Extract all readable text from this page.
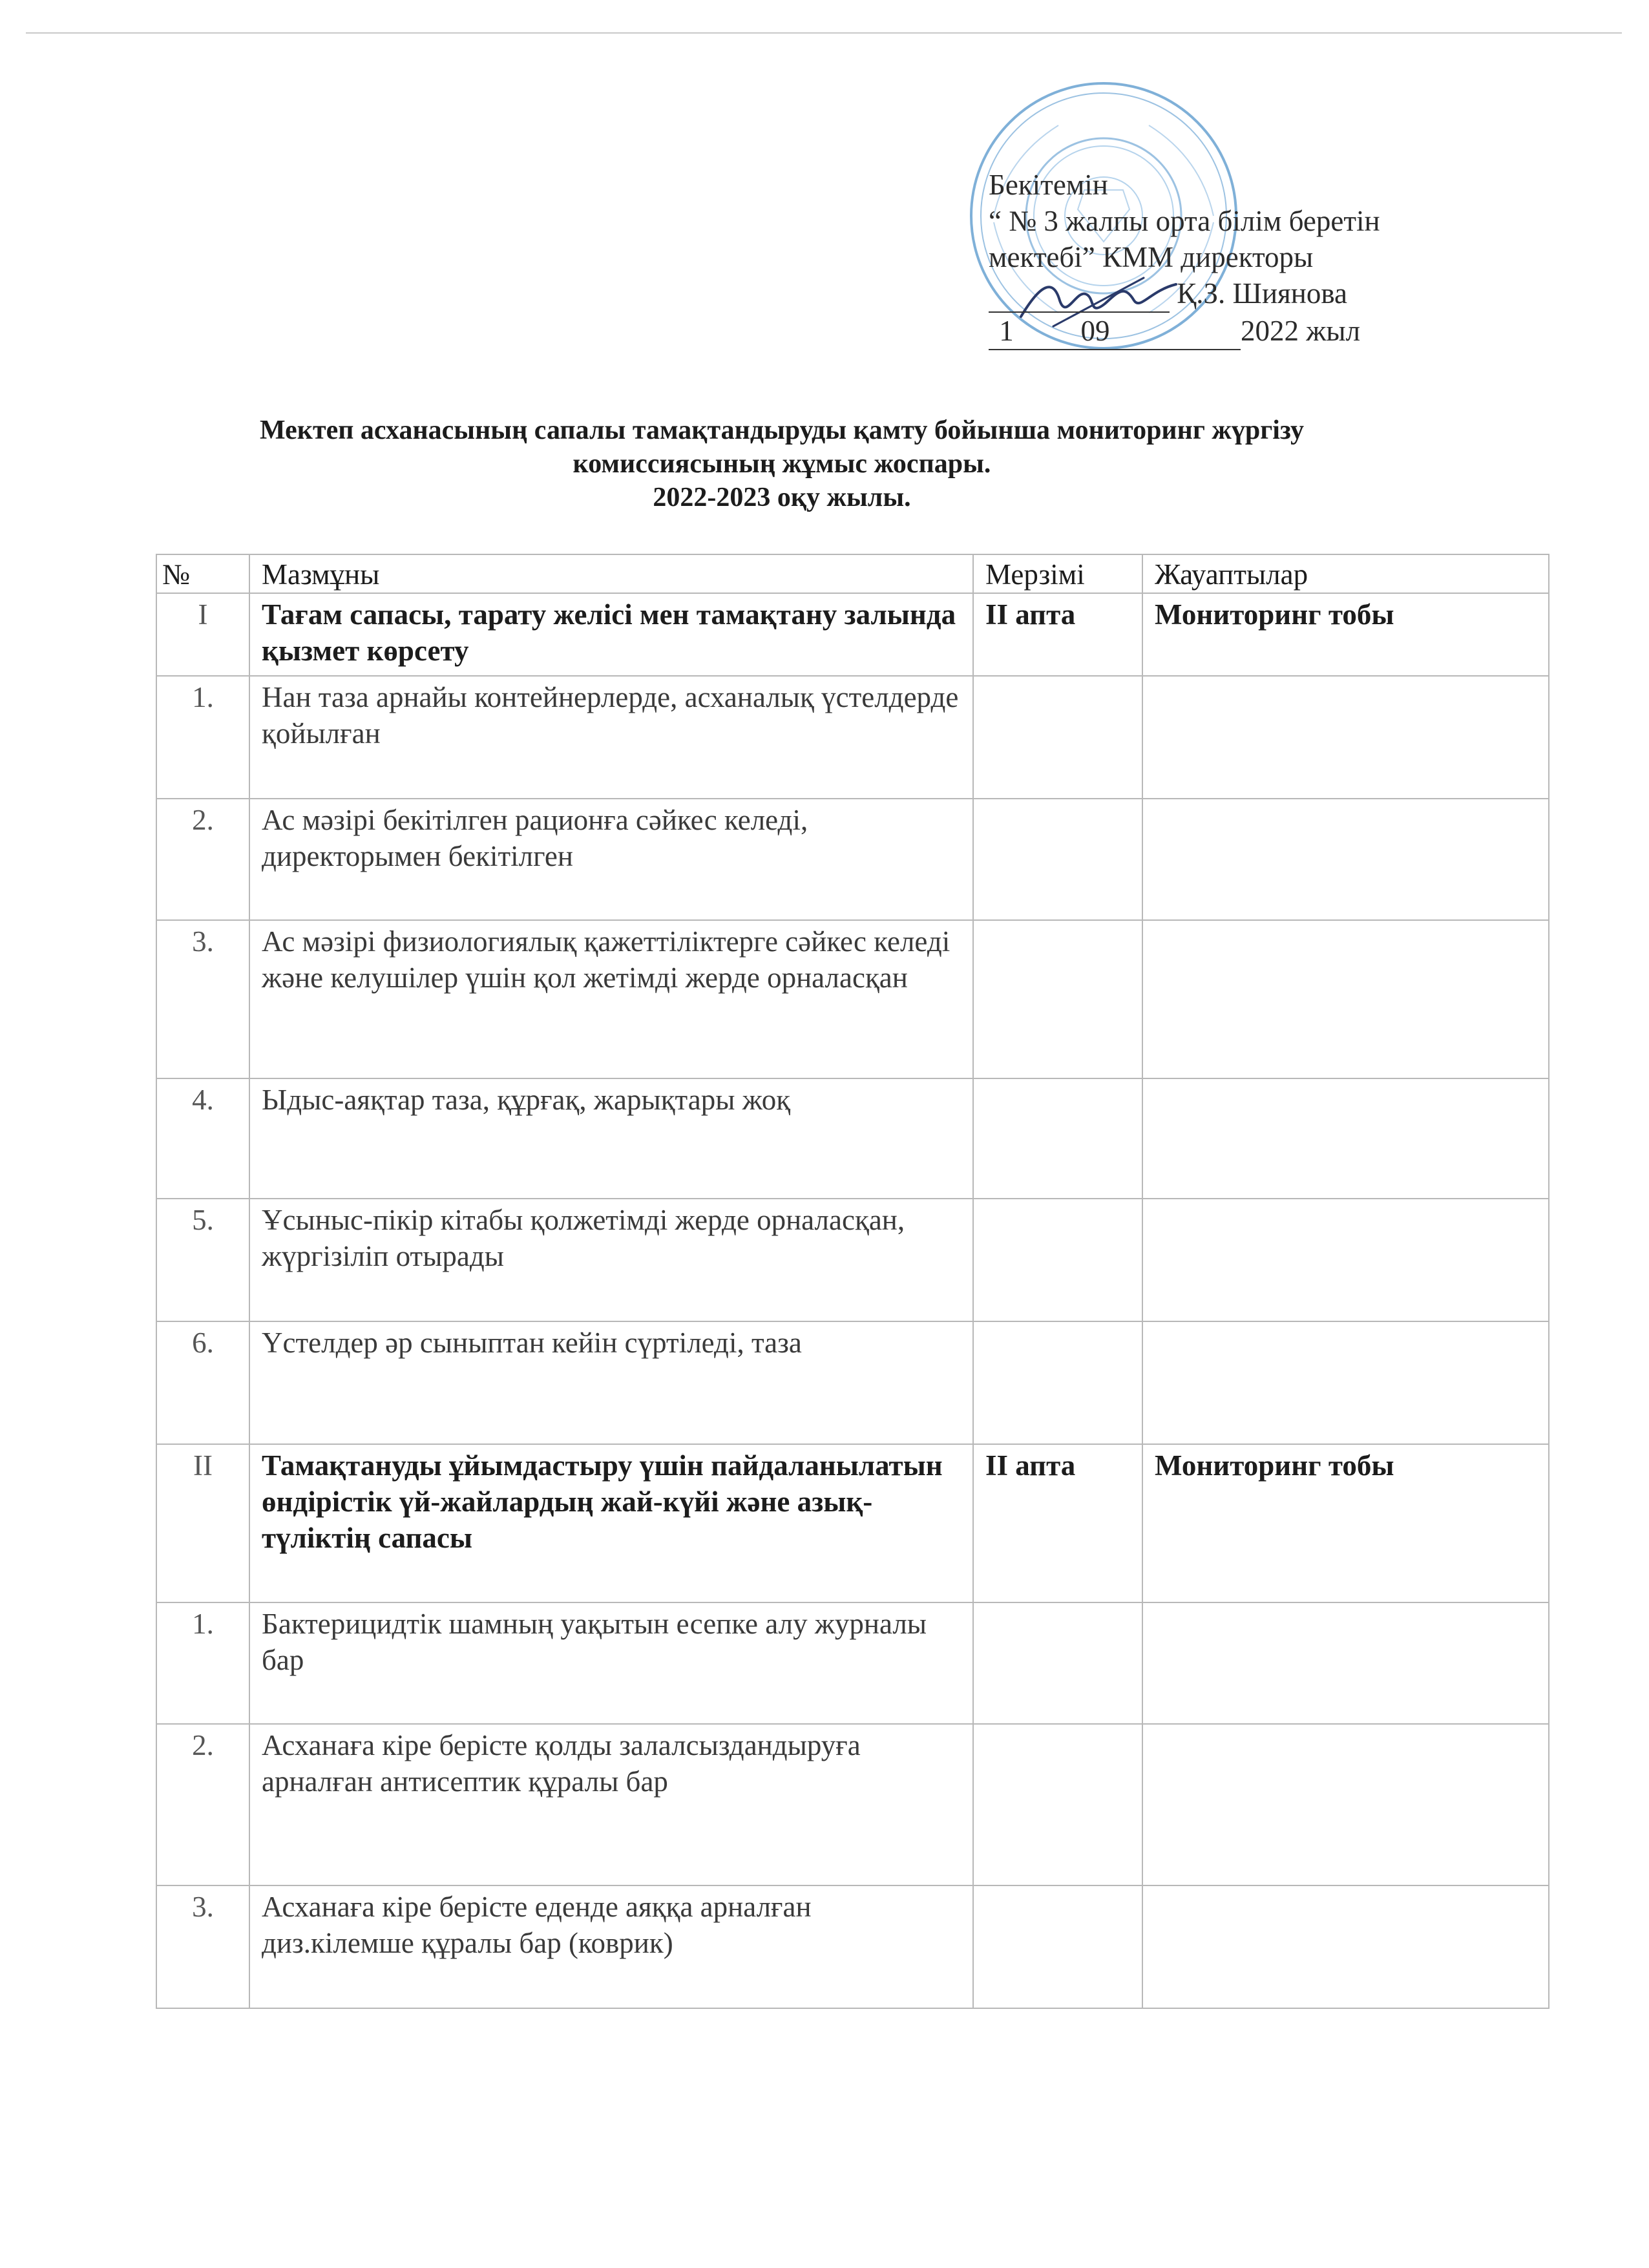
Бекітемін
“ № 3 жалпы орта білім беретін
мектебі” КММ директоры
Қ.З. Шиянова
1 09	2022 жыл
Мектеп асханасының сапалы тамақтандыруды қамту бойынша мониторинг жүргізу
комиссиясының жұмыс жоспары.
2022-2023 оқу жылы.
№	Мазмұны	Мерзімі	Жауаптылар
I	Тағам сапасы, тарату желісі мен тамақтану залында қызмет көрсету	II апта	Мониторинг тобы
1.	Нан таза арнайы контейнерлерде, асханалық үстелдерде қойылған		
2.	Ас мәзірі бекітілген рационға сәйкес келеді, директорымен бекітілген		
3.	Ас мәзірі физиологиялық қажеттіліктерге сәйкес келеді және келушілер үшін қол жетімді жерде орналасқан		
4.	Ыдыс-аяқтар таза, құрғақ, жарықтары жоқ		
5.	Ұсыныс-пікір кітабы қолжетімді жерде орналасқан, жүргізіліп отырады		
6.	Үстелдер әр сыныптан кейін сүртіледі, таза		
II	Тамақтануды ұйымдастыру үшін пайдаланылатын өндірістік үй-жайлардың жай-күйі және азық-түліктің сапасы	II апта	Мониторинг тобы
1.	Бактерицидтік шамның уақытын есепке алу журналы бар		
2.	Асханаға кіре берісте қолды залалсыздандыруға арналған антисептик құралы бар		
3.	Асханаға кіре берісте еденде аяққа арналған диз.кілемше құралы бар (коврик)		
